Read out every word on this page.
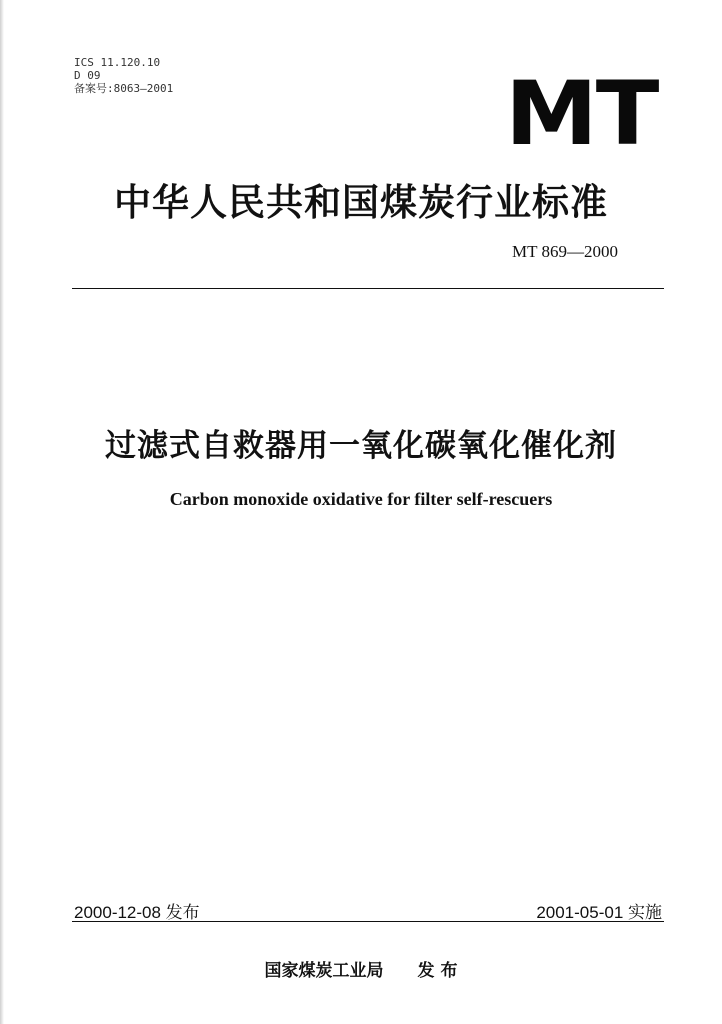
ICS 11.120.10
D 09
备案号:8063—2001	MT
中华人民共和国煤炭行业标准
MT 869—2000
过滤式自救器用一氧化碳氧化催化剂
Carbon monoxide oxidative for filter self-rescuers
2000-12-08 发布	2001-05-01 实施
国家煤炭工业局 发 布
